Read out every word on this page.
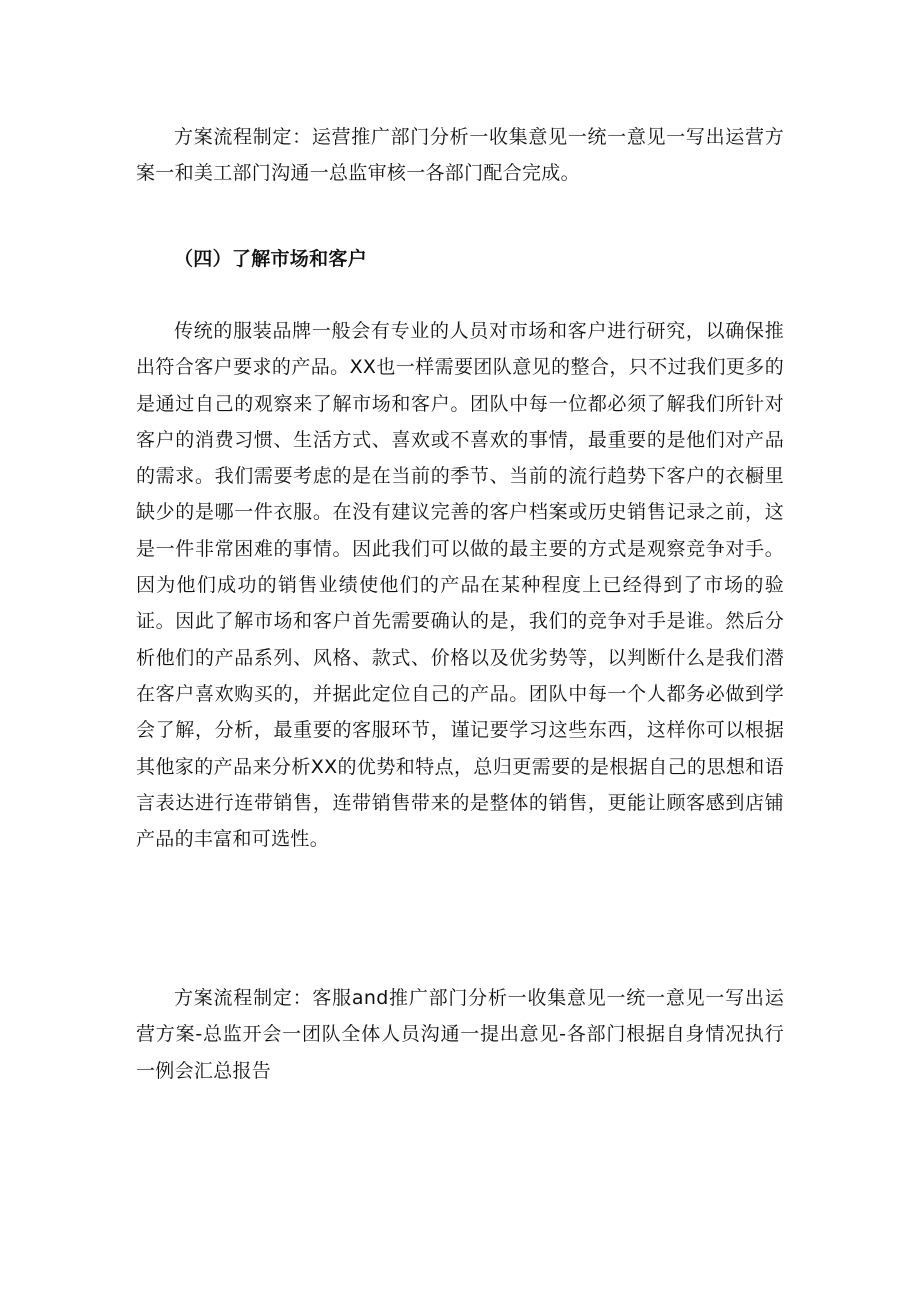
方案流程制定：运营推广部门分析一收集意见一统一意见一写出运营方案一和美工部门沟通一总监审核一各部门配合完成。

（四）了解市场和客户

传统的服装品牌一般会有专业的人员对市场和客户进行研究，以确保推出符合客户要求的产品。XX也一样需要团队意见的整合，只不过我们更多的是通过自己的观察来了解市场和客户。团队中每一位都必须了解我们所针对客户的消费习惯、生活方式、喜欢或不喜欢的事情，最重要的是他们对产品的需求。我们需要考虑的是在当前的季节、当前的流行趋势下客户的衣橱里缺少的是哪一件衣服。在没有建议完善的客户档案或历史销售记录之前，这是一件非常困难的事情。因此我们可以做的最主要的方式是观察竞争对手。因为他们成功的销售业绩使他们的产品在某种程度上已经得到了市场的验证。因此了解市场和客户首先需要确认的是，我们的竞争对手是谁。然后分析他们的产品系列、风格、款式、价格以及优劣势等，以判断什么是我们潜在客户喜欢购买的，并据此定位自己的产品。团队中每一个人都务必做到学会了解，分析，最重要的客服环节，谨记要学习这些东西，这样你可以根据其他家的产品来分析XX的优势和特点，总归更需要的是根据自己的思想和语言表达进行连带销售，连带销售带来的是整体的销售，更能让顾客感到店铺产品的丰富和可选性。

方案流程制定：客服and推广部门分析一收集意见一统一意见一写出运营方案-总监开会一团队全体人员沟通一提出意见-各部门根据自身情况执行一例会汇总报告
